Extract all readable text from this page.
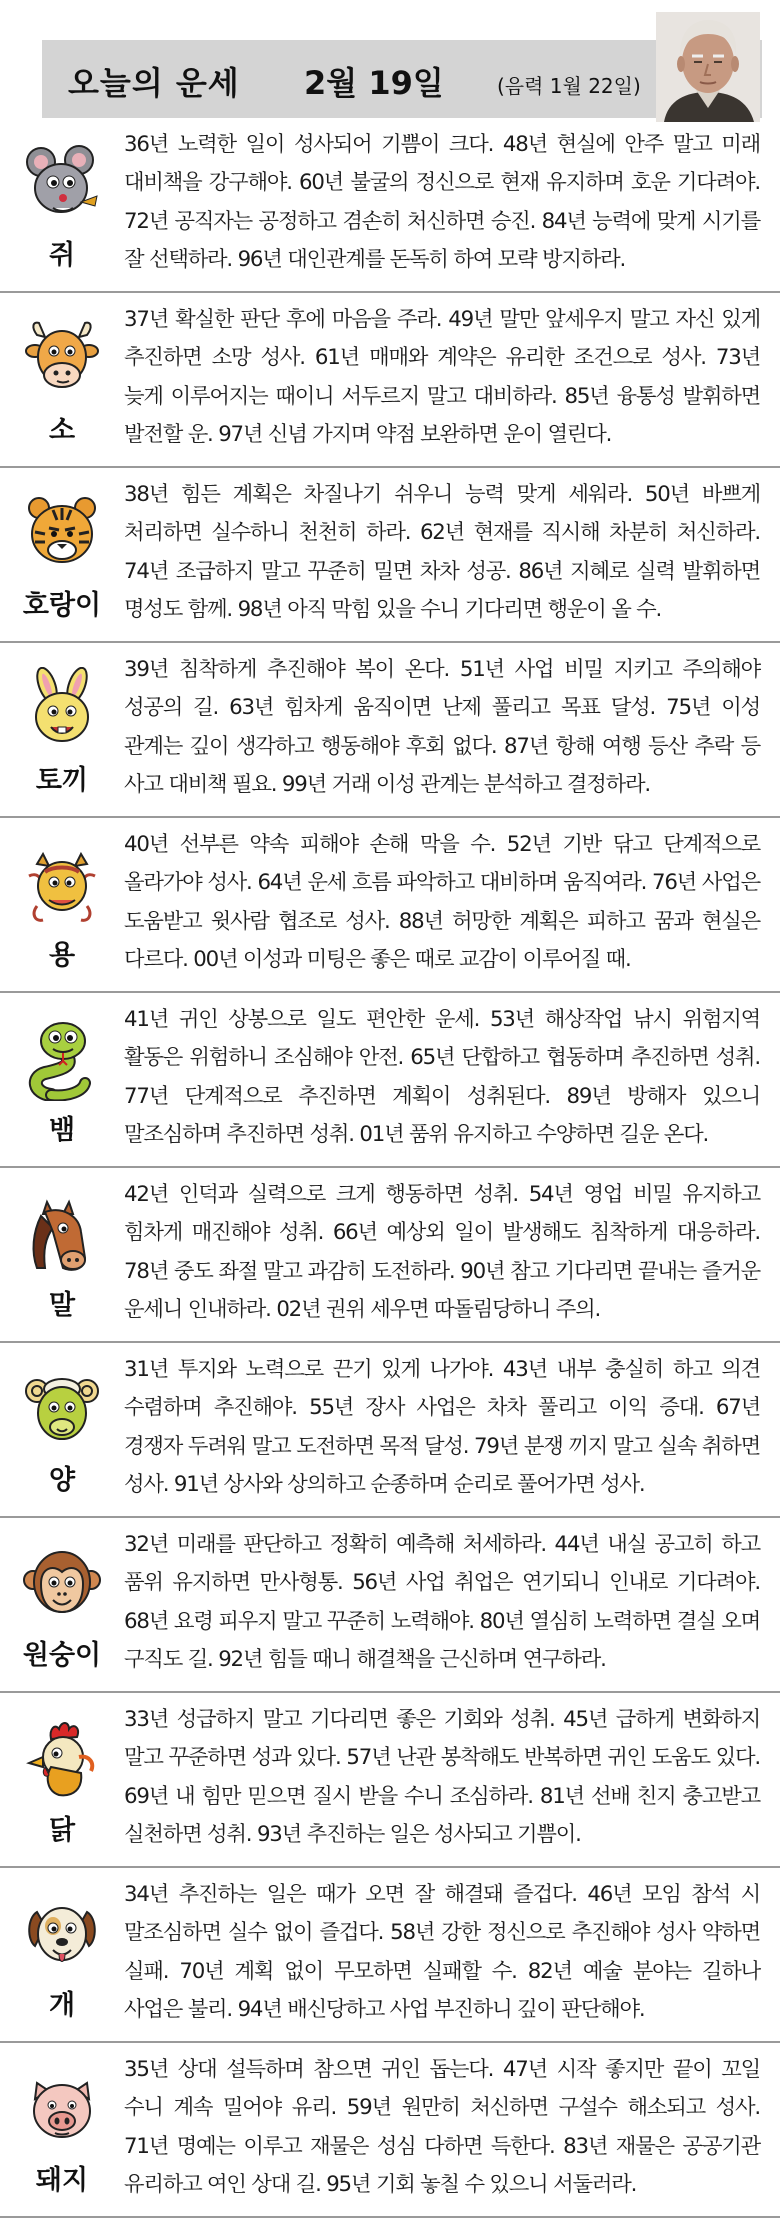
오늘의 운세 2월 19일	(음력 1월 22일)
쥐
36년 노력한 일이 성사되어 기쁨이 크다. 48년 현실에 안주 말고 미래 대비책을 강구해야. 60년 불굴의 정신으로 현재 유지하며 호운 기다려야. 72년 공직자는 공정하고 겸손히 처신하면 승진. 84년 능력에 맞게 시기를 잘 선택하라. 96년 대인관계를 돈독히 하여 모략 방지하라.
소
37년 확실한 판단 후에 마음을 주라. 49년 말만 앞세우지 말고 자신 있게 추진하면 소망 성사. 61년 매매와 계약은 유리한 조건으로 성사. 73년 늦게 이루어지는 때이니 서두르지 말고 대비하라. 85년 융통성 발휘하면 발전할 운. 97년 신념 가지며 약점 보완하면 운이 열린다.
호랑이
38년 힘든 계획은 차질나기 쉬우니 능력 맞게 세워라. 50년 바쁘게 처리하면 실수하니 천천히 하라. 62년 현재를 직시해 차분히 처신하라. 74년 조급하지 말고 꾸준히 밀면 차차 성공. 86년 지혜로 실력 발휘하면 명성도 함께. 98년 아직 막힘 있을 수니 기다리면 행운이 올 수.
토끼
39년 침착하게 추진해야 복이 온다. 51년 사업 비밀 지키고 주의해야 성공의 길. 63년 힘차게 움직이면 난제 풀리고 목표 달성. 75년 이성 관계는 깊이 생각하고 행동해야 후회 없다. 87년 항해 여행 등산 추락 등 사고 대비책 필요. 99년 거래 이성 관계는 분석하고 결정하라.
용
40년 선부른 약속 피해야 손해 막을 수. 52년 기반 닦고 단계적으로 올라가야 성사. 64년 운세 흐름 파악하고 대비하며 움직여라. 76년 사업은 도움받고 윗사람 협조로 성사. 88년 허망한 계획은 피하고 꿈과 현실은 다르다. 00년 이성과 미팅은 좋은 때로 교감이 이루어질 때.
뱀
41년 귀인 상봉으로 일도 편안한 운세. 53년 해상작업 낚시 위험지역 활동은 위험하니 조심해야 안전. 65년 단합하고 협동하며 추진하면 성취. 77년 단계적으로 추진하면 계획이 성취된다. 89년 방해자 있으니 말조심하며 추진하면 성취. 01년 품위 유지하고 수양하면 길운 온다.
말
42년 인덕과 실력으로 크게 행동하면 성취. 54년 영업 비밀 유지하고 힘차게 매진해야 성취. 66년 예상외 일이 발생해도 침착하게 대응하라. 78년 중도 좌절 말고 과감히 도전하라. 90년 참고 기다리면 끝내는 즐거운 운세니 인내하라. 02년 권위 세우면 따돌림당하니 주의.
양
31년 투지와 노력으로 끈기 있게 나가야. 43년 내부 충실히 하고 의견 수렴하며 추진해야. 55년 장사 사업은 차차 풀리고 이익 증대. 67년 경쟁자 두려워 말고 도전하면 목적 달성. 79년 분쟁 끼지 말고 실속 취하면 성사. 91년 상사와 상의하고 순종하며 순리로 풀어가면 성사.
원숭이
32년 미래를 판단하고 정확히 예측해 처세하라. 44년 내실 공고히 하고 품위 유지하면 만사형통. 56년 사업 취업은 연기되니 인내로 기다려야. 68년 요령 피우지 말고 꾸준히 노력해야. 80년 열심히 노력하면 결실 오며 구직도 길. 92년 힘들 때니 해결책을 근신하며 연구하라.
닭
33년 성급하지 말고 기다리면 좋은 기회와 성취. 45년 급하게 변화하지 말고 꾸준하면 성과 있다. 57년 난관 봉착해도 반복하면 귀인 도움도 있다. 69년 내 힘만 믿으면 질시 받을 수니 조심하라. 81년 선배 친지 충고받고 실천하면 성취. 93년 추진하는 일은 성사되고 기쁨이.
개
34년 추진하는 일은 때가 오면 잘 해결돼 즐겁다. 46년 모임 참석 시 말조심하면 실수 없이 즐겁다. 58년 강한 정신으로 추진해야 성사 약하면 실패. 70년 계획 없이 무모하면 실패할 수. 82년 예술 분야는 길하나 사업은 불리. 94년 배신당하고 사업 부진하니 깊이 판단해야.
돼지
35년 상대 설득하며 참으면 귀인 돕는다. 47년 시작 좋지만 끝이 꼬일 수니 계속 밀어야 유리. 59년 원만히 처신하면 구설수 해소되고 성사. 71년 명예는 이루고 재물은 성심 다하면 득한다. 83년 재물은 공공기관 유리하고 여인 상대 길. 95년 기회 놓칠 수 있으니 서둘러라.
